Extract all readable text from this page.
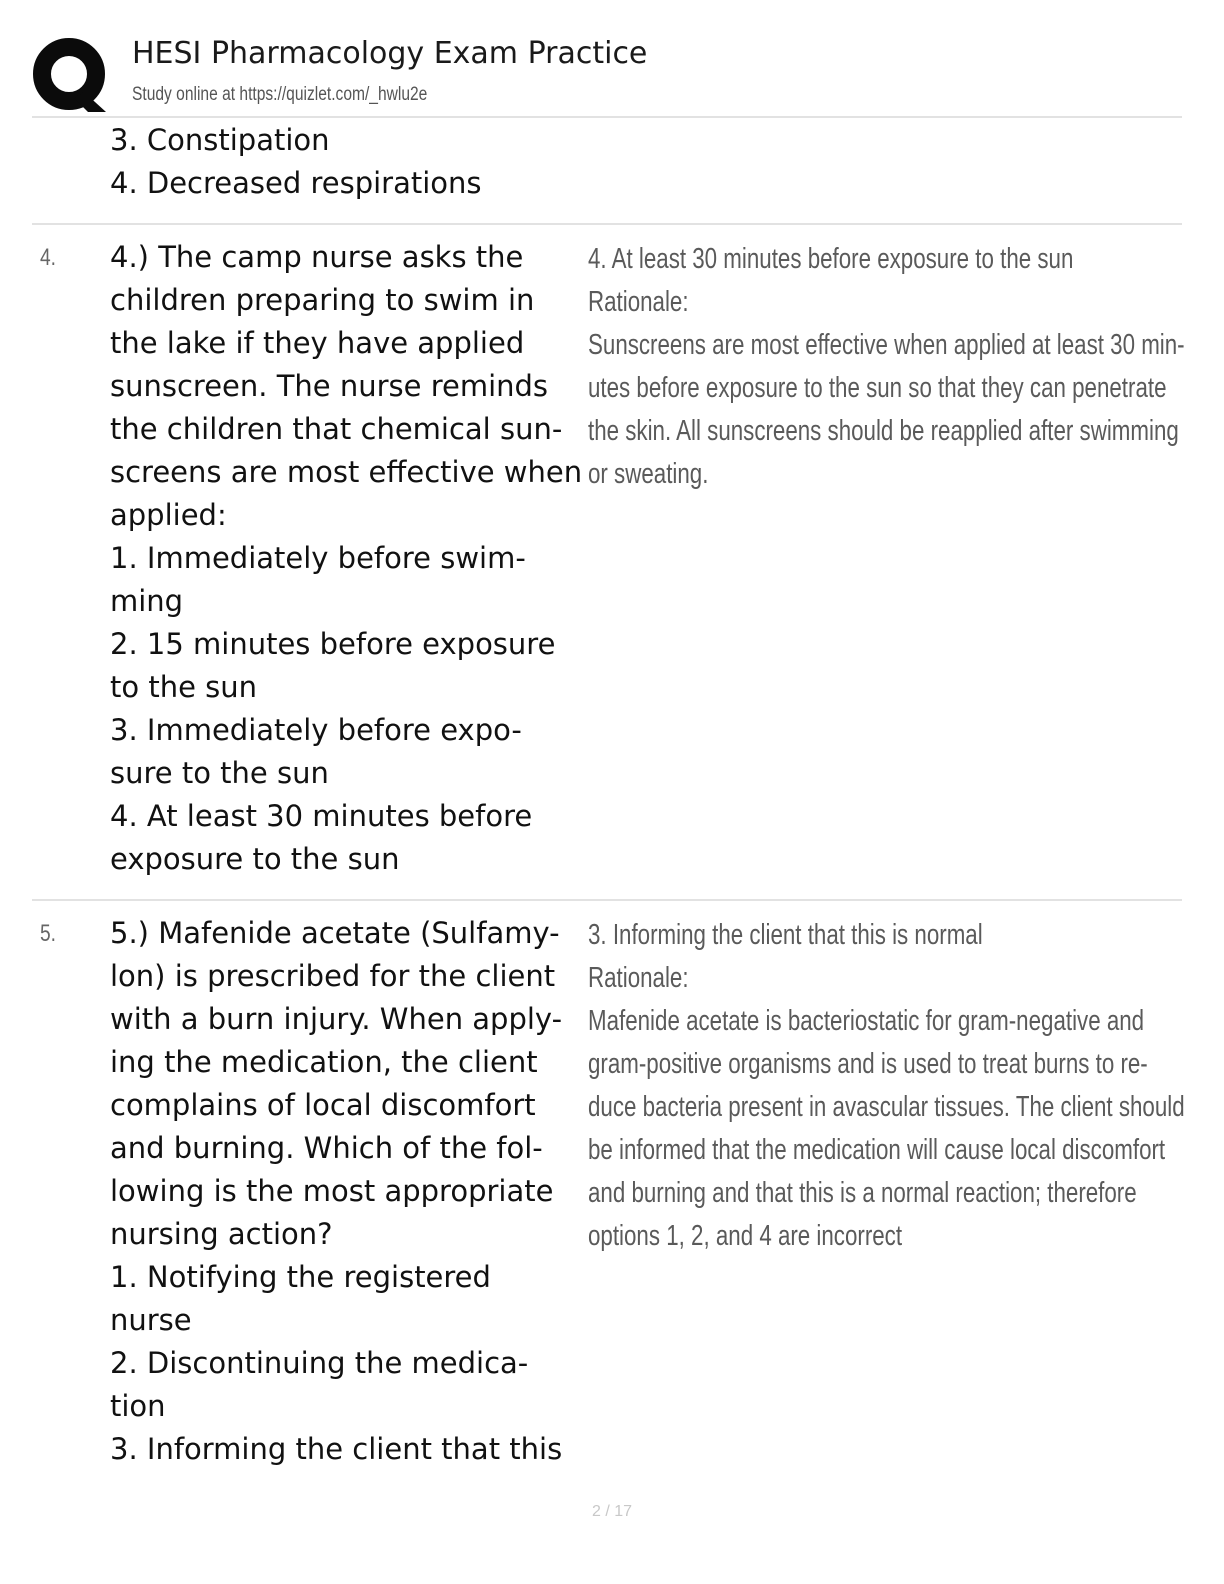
HESI Pharmacology Exam Practice
Study online at https://quizlet.com/_hwlu2e
3. Constipation
4. Decreased respirations
4. 4.) The camp nurse asks the
children preparing to swim in
the lake if they have applied
sunscreen. The nurse reminds
the children that chemical sun-
screens are most effective when
applied:
1. Immediately before swim-
ming
2. 15 minutes before exposure
to the sun
3. Immediately before expo-
sure to the sun
4. At least 30 minutes before
exposure to the sun
4. At least 30 minutes before exposure to the sun
Rationale:
Sunscreens are most effective when applied at least 30 min-
utes before exposure to the sun so that they can penetrate
the skin. All sunscreens should be reapplied after swimming
or sweating.
5. 5.) Mafenide acetate (Sulfamy-
lon) is prescribed for the client
with a burn injury. When apply-
ing the medication, the client
complains of local discomfort
and burning. Which of the fol-
lowing is the most appropriate
nursing action?
1. Notifying the registered
nurse
2. Discontinuing the medica-
tion
3. Informing the client that this
3. Informing the client that this is normal
Rationale:
Mafenide acetate is bacteriostatic for gram-negative and
gram-positive organisms and is used to treat burns to re-
duce bacteria present in avascular tissues. The client should
be informed that the medication will cause local discomfort
and burning and that this is a normal reaction; therefore
options 1, 2, and 4 are incorrect
2 / 17
